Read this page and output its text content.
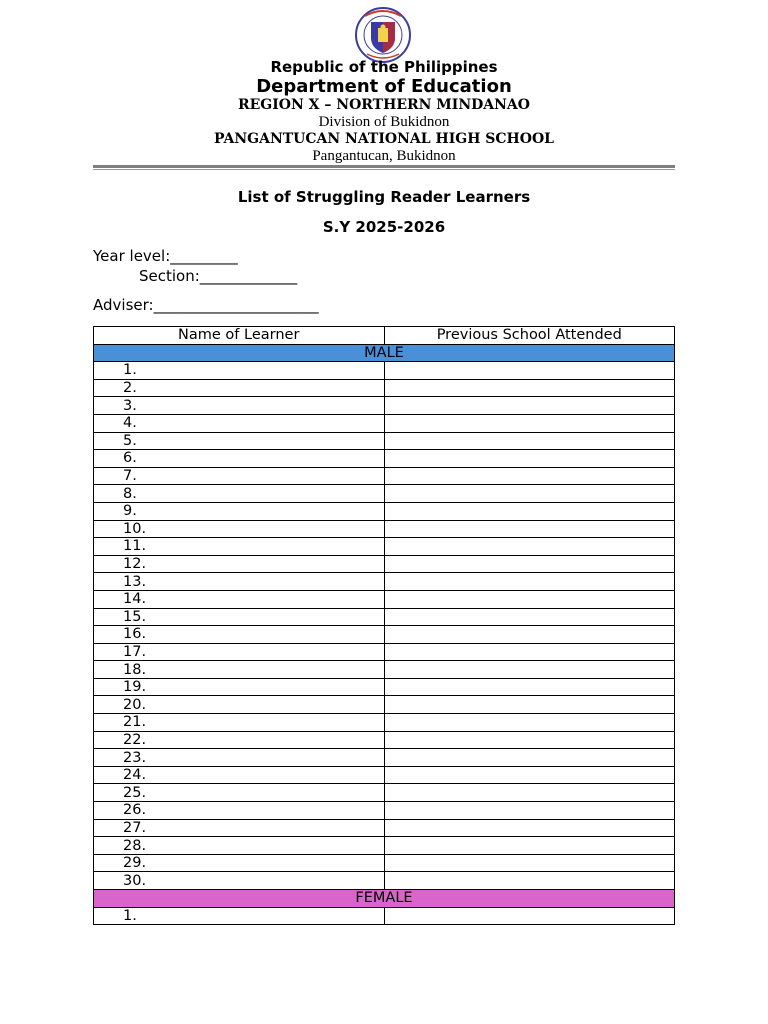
Republic of the Philippines
Department of Education
REGION X – NORTHERN MINDANAO
Division of Bukidnon
PANGANTUCAN NATIONAL HIGH SCHOOL
Pangantucan, Bukidnon
List of Struggling Reader Learners
S.Y 2025-2026
Year level:_________
Section:_____________
Adviser:______________________
Name of Learner	Previous School Attended
MALE	
1.	
2.	
3.	
4.	
5.	
6.	
7.	
8.	
9.	
10.	
11.	
12.	
13.	
14.	
15.	
16.	
17.	
18.	
19.	
20.	
21.	
22.	
23.	
24.	
25.	
26.	
27.	
28.	
29.	
30.	
FEMALE	
1.	
